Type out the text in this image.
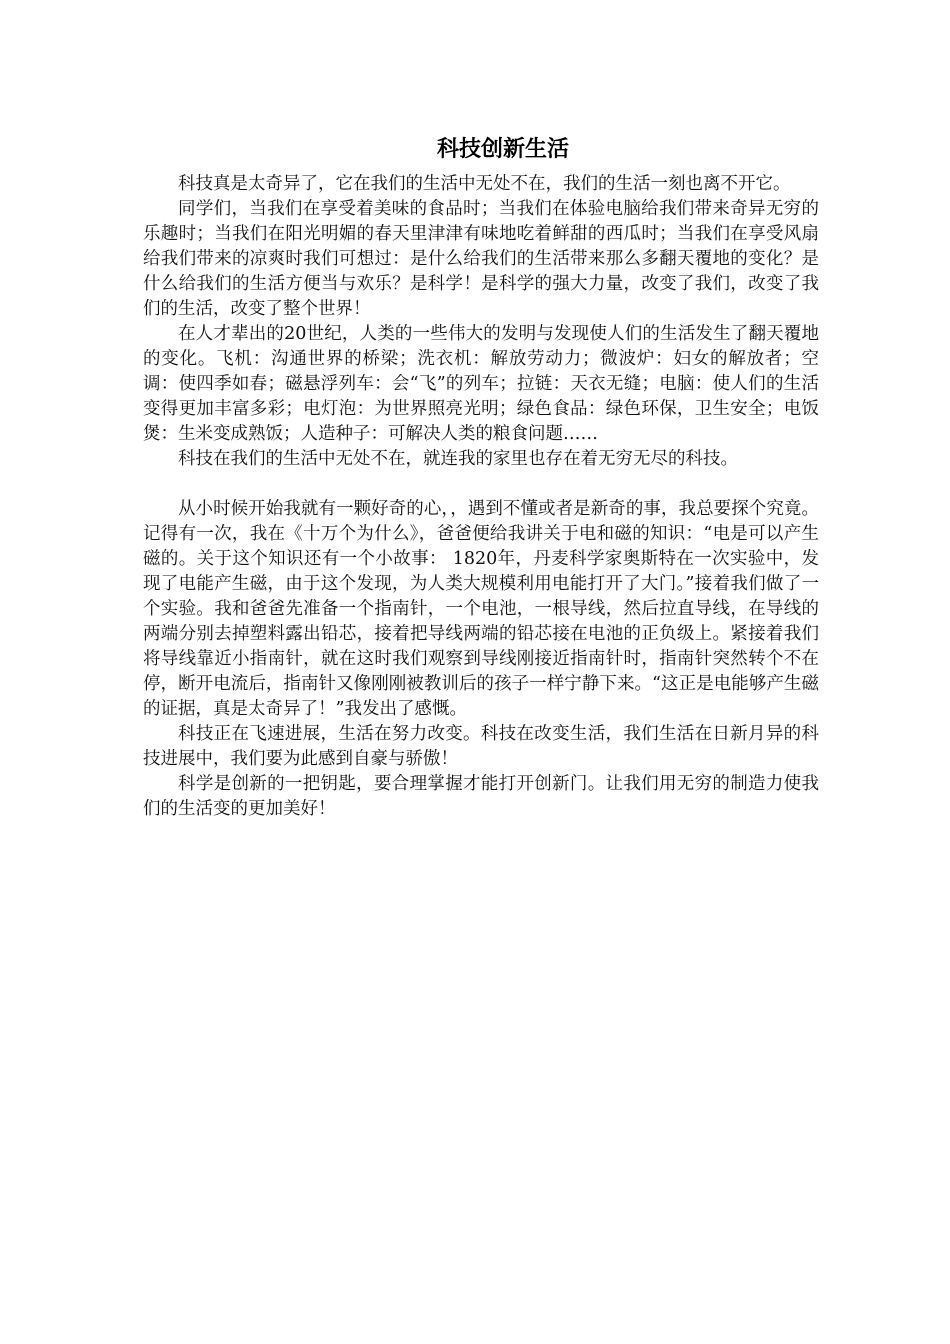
科技创新生活

科技真是太奇异了，它在我们的生活中无处不在，我们的生活一刻也离不开它。

同学们，当我们在享受着美味的食品时；当我们在体验电脑给我们带来奇异无穷的乐趣时；当我们在阳光明媚的春天里津津有味地吃着鲜甜的西瓜时；当我们在享受风扇给我们带来的凉爽时我们可想过：是什么给我们的生活带来那么多翻天覆地的变化？是什么给我们的生活方便当与欢乐？是科学！是科学的强大力量，改变了我们，改变了我们的生活，改变了整个世界！

在人才辈出的20世纪，人类的一些伟大的发明与发现使人们的生活发生了翻天覆地的变化。飞机：沟通世界的桥梁；洗衣机：解放劳动力；微波炉：妇女的解放者；空调：使四季如春；磁悬浮列车：会“飞”的列车；拉链：天衣无缝；电脑：使人们的生活变得更加丰富多彩；电灯泡：为世界照亮光明；绿色食品：绿色环保，卫生安全；电饭煲：生米变成熟饭；人造种子：可解决人类的粮食问题……

科技在我们的生活中无处不在，就连我的家里也存在着无穷无尽的科技。

从小时候开始我就有一颗好奇的心，，遇到不懂或者是新奇的事，我总要探个究竟。记得有一次，我在《十万个为什么》，爸爸便给我讲关于电和磁的知识：“电是可以产生磁的。关于这个知识还有一个小故事： 1820年，丹麦科学家奥斯特在一次实验中，发现了电能产生磁，由于这个发现，为人类大规模利用电能打开了大门。”接着我们做了一个实验。我和爸爸先准备一个指南针，一个电池，一根导线，然后拉直导线，在导线的两端分别去掉塑料露出铅芯，接着把导线两端的铅芯接在电池的正负级上。紧接着我们将导线靠近小指南针，就在这时我们观察到导线刚接近指南针时，指南针突然转个不在停，断开电流后，指南针又像刚刚被教训后的孩子一样宁静下来。“这正是电能够产生磁的证据，真是太奇异了！”我发出了感慨。

科技正在飞速进展，生活在努力改变。科技在改变生活，我们生活在日新月异的科技进展中，我们要为此感到自豪与骄傲！

科学是创新的一把钥匙，要合理掌握才能打开创新门。让我们用无穷的制造力使我们的生活变的更加美好！
